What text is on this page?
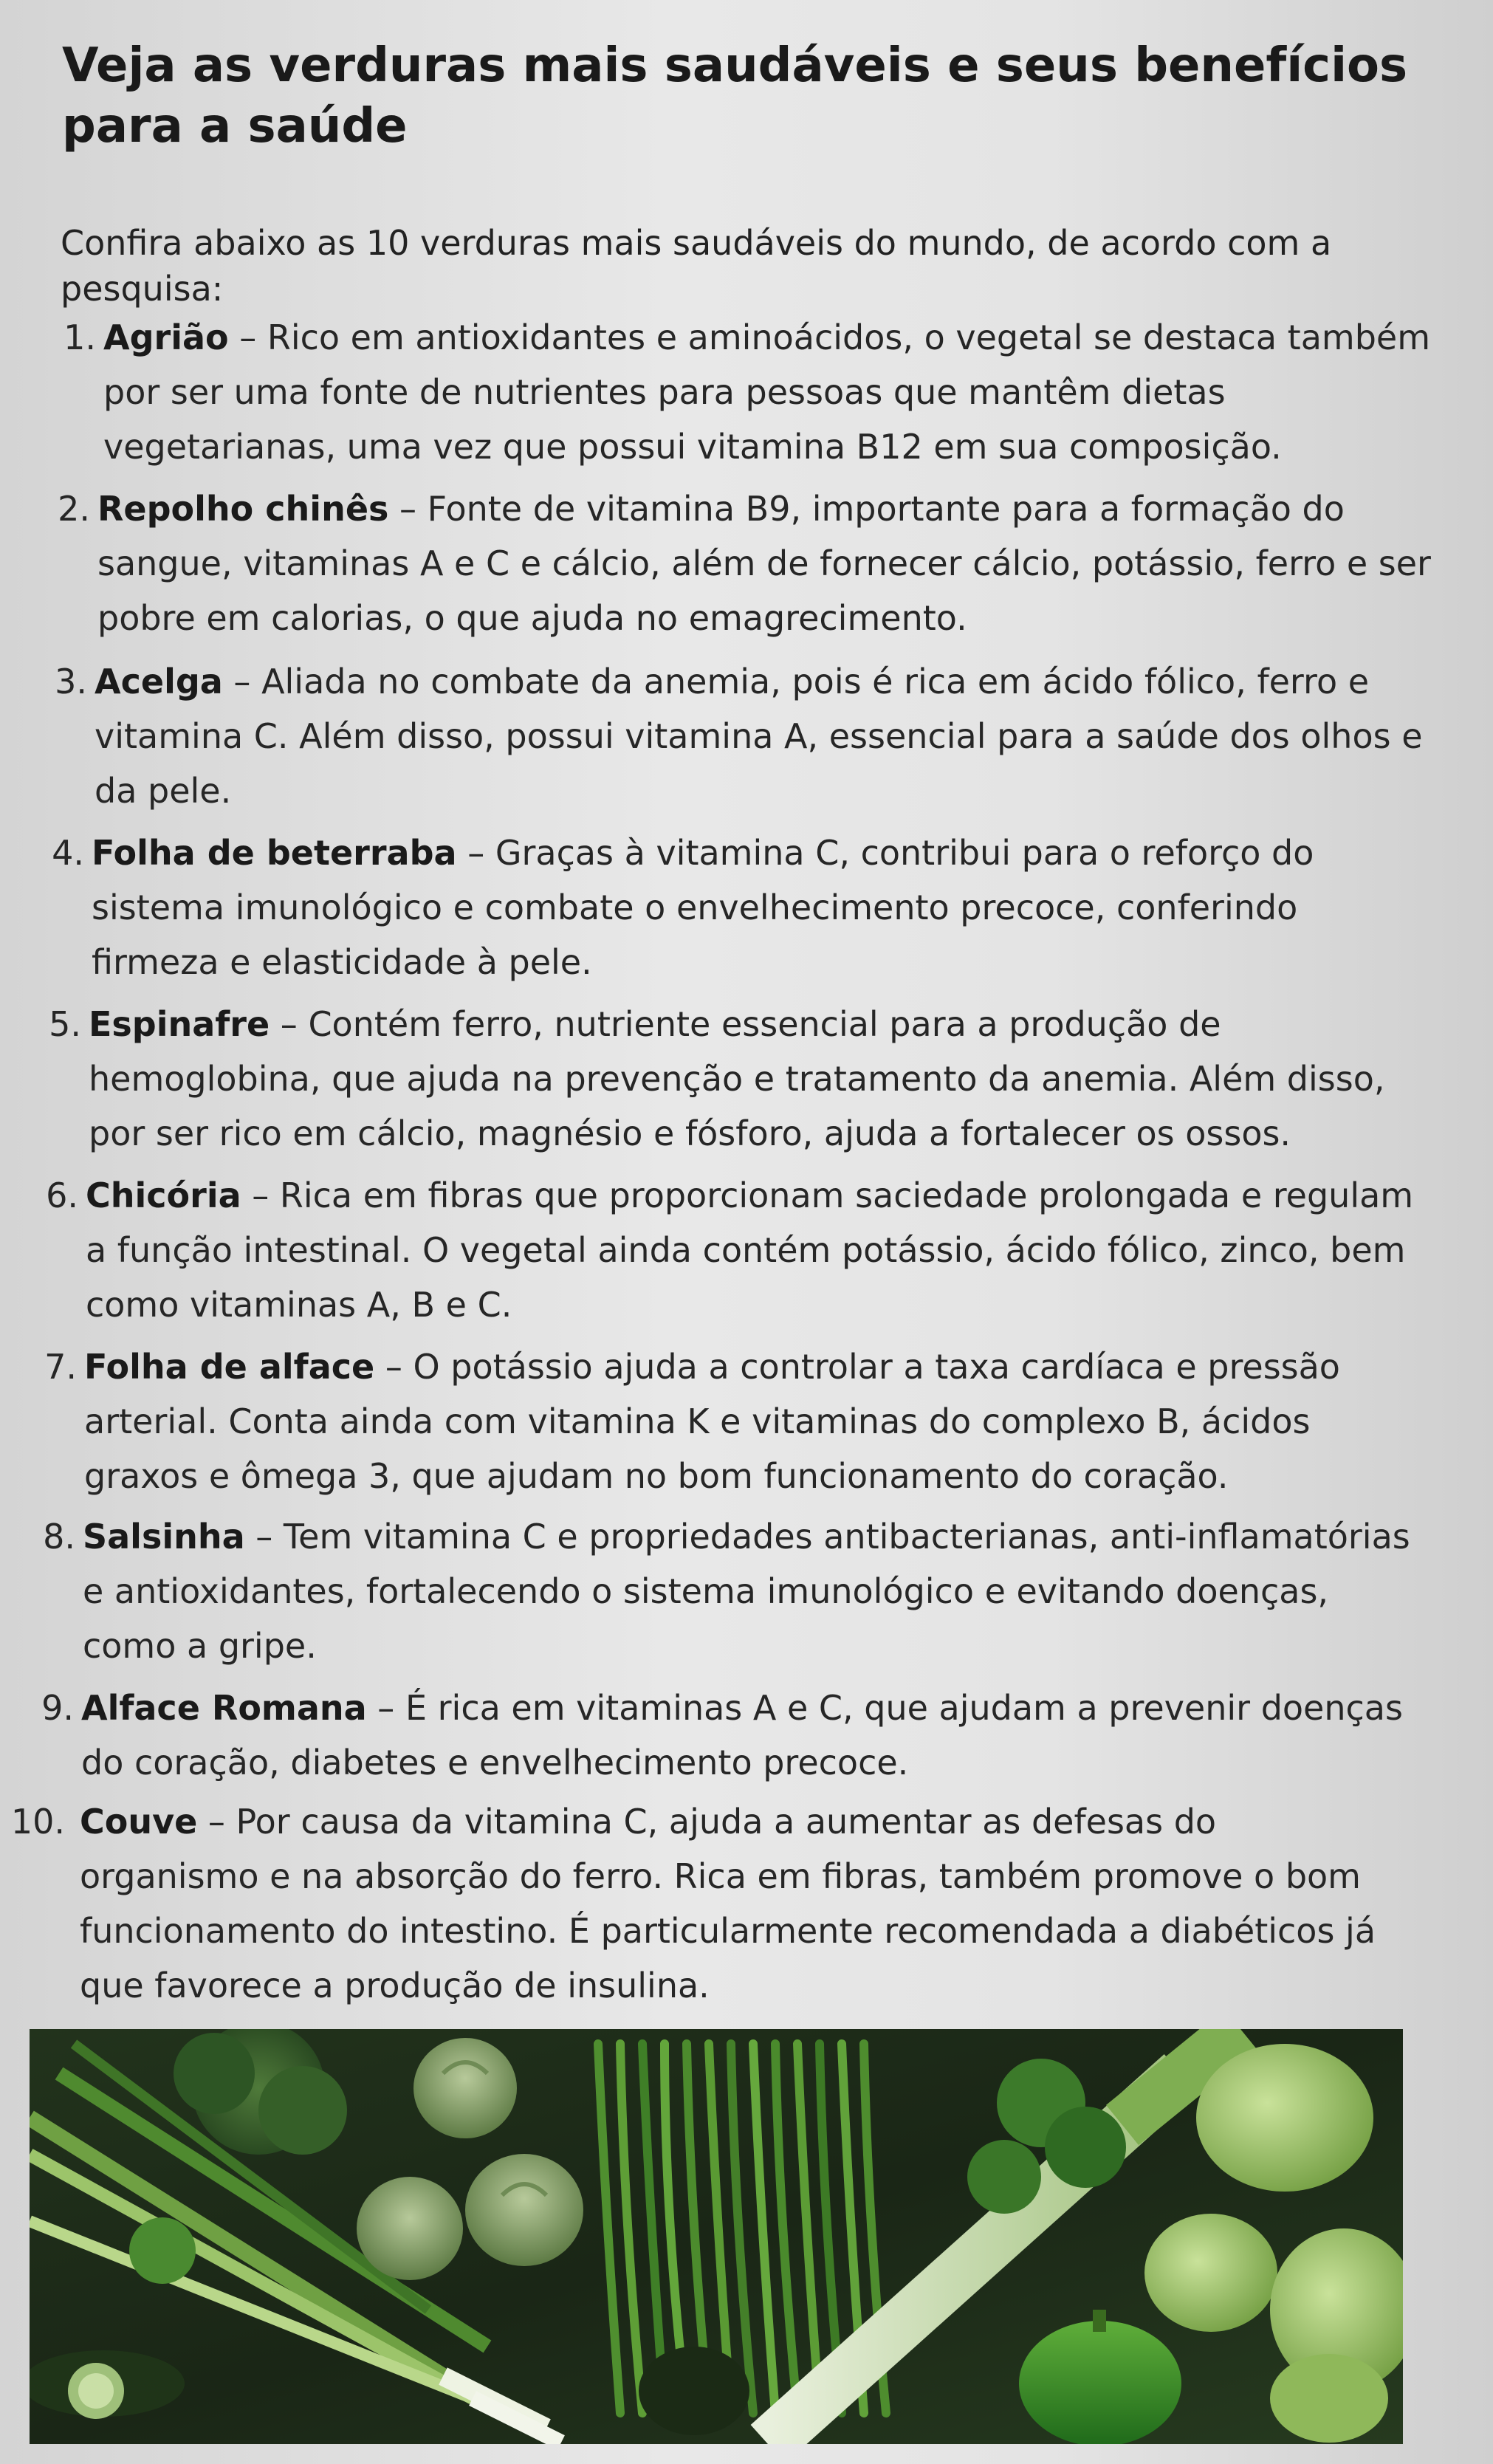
Veja as verduras mais saudáveis e seus benefícios para a saúde

Confira abaixo as 10 verduras mais saudáveis do mundo, de acordo com a pesquisa:

1. Agrião – Rico em antioxidantes e aminoácidos, o vegetal se destaca também por ser uma fonte de nutrientes para pessoas que mantêm dietas vegetarianas, uma vez que possui vitamina B12 em sua composição.
2. Repolho chinês – Fonte de vitamina B9, importante para a formação do sangue, vitaminas A e C e cálcio, além de fornecer cálcio, potássio, ferro e ser pobre em calorias, o que ajuda no emagrecimento.
3. Acelga – Aliada no combate da anemia, pois é rica em ácido fólico, ferro e vitamina C. Além disso, possui vitamina A, essencial para a saúde dos olhos e da pele.
4. Folha de beterraba – Graças à vitamina C, contribui para o reforço do sistema imunológico e combate o envelhecimento precoce, conferindo firmeza e elasticidade à pele.
5. Espinafre – Contém ferro, nutriente essencial para a produção de hemoglobina, que ajuda na prevenção e tratamento da anemia. Além disso, por ser rico em cálcio, magnésio e fósforo, ajuda a fortalecer os ossos.
6. Chicória – Rica em fibras que proporcionam saciedade prolongada e regulam a função intestinal. O vegetal ainda contém potássio, ácido fólico, zinco, bem como vitaminas A, B e C.
7. Folha de alface – O potássio ajuda a controlar a taxa cardíaca e pressão arterial. Conta ainda com vitamina K e vitaminas do complexo B, ácidos graxos e ômega 3, que ajudam no bom funcionamento do coração.
8. Salsinha – Tem vitamina C e propriedades antibacterianas, anti-inflamatórias e antioxidantes, fortalecendo o sistema imunológico e evitando doenças, como a gripe.
9. Alface Romana – É rica em vitaminas A e C, que ajudam a prevenir doenças do coração, diabetes e envelhecimento precoce.
10. Couve – Por causa da vitamina C, ajuda a aumentar as defesas do organismo e na absorção do ferro. Rica em fibras, também promove o bom funcionamento do intestino. É particularmente recomendada a diabéticos já que favorece a produção de insulina.
